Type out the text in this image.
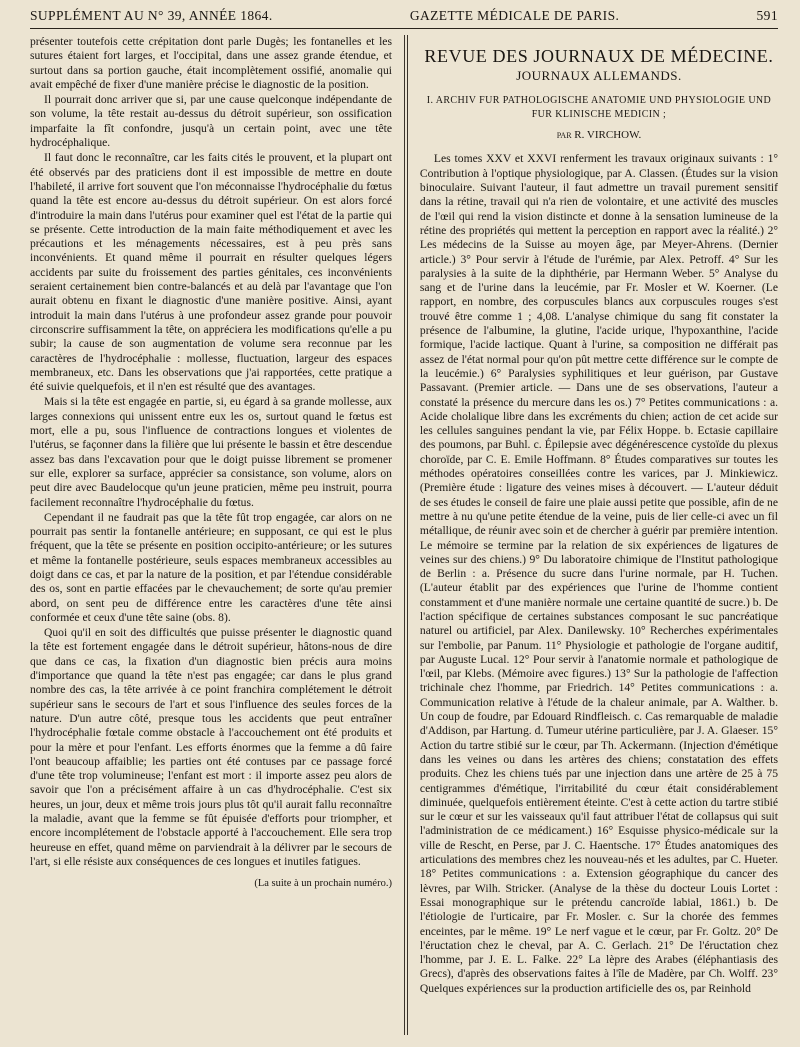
SUPPLÉMENT AU N° 39, ANNÉE 1864.	GAZETTE MÉDICALE DE PARIS.	591

présenter toutefois cette crépitation dont parle Dugès; les fontanelles et les sutures étaient fort larges, et l'occipital, dans une assez grande étendue, et surtout dans sa portion gauche, était incomplètement ossifié, anomalie qui avait empêché de fixer d'une manière précise le diagnostic de la position.

Il pourrait donc arriver que si, par une cause quelconque indépendante de son volume, la tête restait au-dessus du détroit supérieur, son ossification imparfaite la fît confondre, jusqu'à un certain point, avec une tête hydrocéphalique.

Il faut donc le reconnaître, car les faits cités le prouvent, et la plupart ont été observés par des praticiens dont il est impossible de mettre en doute l'habileté, il arrive fort souvent que l'on méconnaisse l'hydrocéphalie du fœtus quand la tête est encore au-dessus du détroit supérieur. On est alors forcé d'introduire la main dans l'utérus pour examiner quel est l'état de la partie qui se présente. Cette introduction de la main faite méthodiquement et avec les précautions et les ménagements nécessaires, est à peu près sans inconvénients. Et quand même il pourrait en résulter quelques légers accidents par suite du froissement des parties génitales, ces inconvénients seraient certainement bien contre-balancés et au delà par l'avantage que l'on aurait obtenu en fixant le diagnostic d'une manière positive. Ainsi, ayant introduit la main dans l'utérus à une profondeur assez grande pour pouvoir circonscrire suffisamment la tête, on apprécierа les modifications qu'elle a pu subir; la cause de son augmentation de volume sera reconnue par les caractères de l'hydrocéphalie : mollesse, fluctuation, largeur des espaces membraneux, etc. Dans les observations que j'ai rapportées, cette pratique a été suivie quelquefois, et il n'en est résulté que des avantages.

Mais si la tête est engagée en partie, si, eu égard à sa grande mollesse, aux larges connexions qui unissent entre eux les os, surtout quand le fœtus est mort, elle a pu, sous l'influence de contractions longues et violentes de l'utérus, se façonner dans la filière que lui présente le bassin et être descendue assez bas dans l'excavation pour que le doigt puisse librement se promener sur elle, explorer sa surface, apprécier sa consistance, son volume, alors on peut dire avec Baudelocque qu'un jeune praticien, même peu instruit, pourra facilement reconnaître l'hydrocéphalie du fœtus.

Cependant il ne faudrait pas que la tête fût trop engagée, car alors on ne pourrait pas sentir la fontanelle antérieure; en supposant, ce qui est le plus fréquent, que la tête se présente en position occipito-antérieure; or les sutures et même la fontanelle postérieure, seuls espaces membraneux accessibles au doigt dans ce cas, et par la nature de la position, et par l'étendue considérable des os, sont en partie effacées par le chevauchement; de sorte qu'au premier abord, on sent peu de différence entre les caractères d'une tête ainsi conformée et ceux d'une tête saine (obs. 8).

Quoi qu'il en soit des difficultés que puisse présenter le diagnostic quand la tête est fortement engagée dans le détroit supérieur, hâtons-nous de dire que dans ce cas, la fixation d'un diagnostic bien précis aura moins d'importance que quand la tête n'est pas engagée; car dans le plus grand nombre des cas, la tête arrivée à ce point franchira complétement le détroit supérieur sans le secours de l'art et sous l'influence des seules forces de la nature. D'un autre côté, presque tous les accidents que peut entraîner l'hydrocéphalie fœtale comme obstacle à l'accouchement ont été produits et pour la mère et pour l'enfant. Les efforts énormes que la femme a dû faire l'ont beaucoup affaiblie; les parties ont été contuses par ce passage forcé d'une tête trop volumineuse; l'enfant est mort : il importe assez peu alors de savoir que l'on a précisément affaire à un cas d'hydrocéphalie. C'est six heures, un jour, deux et même trois jours plus tôt qu'il aurait fallu reconnaître la maladie, avant que la femme se fût épuisée d'efforts pour triompher, et encore incomplétement de l'obstacle apporté à l'accouchement. Elle sera trop heureuse en effet, quand même on parviendrait à la délivrer par le secours de l'art, si elle résiste aux conséquences de ces longues et inutiles fatigues.

(La suite à un prochain numéro.)
REVUE DES JOURNAUX DE MÉDECINE.
JOURNAUX ALLEMANDS.
I. ARCHIV FUR PATHOLOGISCHE ANATOMIE UND PHYSIOLOGIE UND FUR KLINISCHE MEDICIN ;
par R. VIRCHOW.

Les tomes XXV et XXVI renferment les travaux originaux suivants : 1° Contribution à l'optique physiologique, par A. Classen. (Études sur la vision binoculaire. Suivant l'auteur, il faut admettre un travail purement sensitif dans la rétine, travail qui n'a rien de volontaire, et une activité des muscles de l'œil qui rend la vision distincte et donne à la sensation lumineuse de la rétine des propriétés qui mettent la perception en rapport avec la réalité.) 2° Les médecins de la Suisse au moyen âge, par Meyer-Ahrens. (Dernier article.) 3° Pour servir à l'étude de l'urémie, par Alex. Petroff. 4° Sur les paralysies à la suite de la diphthérie, par Hermann Weber. 5° Analyse du sang et de l'urine dans la leucémie, par Fr. Mosler et W. Koerner. (Le rapport, en nombre, des corpuscules blancs aux corpuscules rouges s'est trouvé être comme 1 ; 4,08. L'analyse chimique du sang fit constater la présence de l'albumine, la glutine, l'acide urique, l'hypoxanthine, l'acide formique, l'acide lactique. Quant à l'urine, sa composition ne différait pas assez de l'état normal pour qu'on pût mettre cette différence sur le compte de la leucémie.) 6° Paralysies syphilitiques et leur guérison, par Gustave Passavant. (Premier article. — Dans une de ses observations, l'auteur a constaté la présence du mercure dans les os.) 7° Petites communications : a. Acide cholalique libre dans les excréments du chien; action de cet acide sur les cellules sanguines pendant la vie, par Félix Hoppe. b. Ectasie capillaire des poumons, par Buhl. c. Épilepsie avec dégénérescence cystoïde du plexus choroïde, par C. E. Emile Hoffmann. 8° Études comparatives sur toutes les méthodes opératoires conseillées contre les varices, par J. Minkiewicz. (Première étude : ligature des veines mises à découvert. — L'auteur déduit de ses études le conseil de faire une plaie aussi petite que possible, afin de ne mettre à nu qu'une petite étendue de la veine, puis de lier celle-ci avec un fil métallique, de réunir avec soin et de chercher à guérir par première intention. Le mémoire se termine par la relation de six expériences de ligatures de veines sur des chiens.) 9° Du laboratoire chimique de l'Institut pathologique de Berlin : a. Présence du sucre dans l'urine normale, par H. Tuchen. (L'auteur établit par des expériences que l'urine de l'homme contient constamment et d'une manière normale une certaine quantité de sucre.) b. De l'action spécifique de certaines substances composant le suc pancréatique naturel ou artificiel, par Alex. Danilewsky. 10° Recherches expérimentales sur l'embolie, par Panum. 11° Physiologie et pathologie de l'organe auditif, par Auguste Lucal. 12° Pour servir à l'anatomie normale et pathologique de l'œil, par Klebs. (Mémoire avec figures.) 13° Sur la pathologie de l'affection trichinale chez l'homme, par Friedrich. 14° Petites communications : a. Communication relative à l'étude de la chaleur animale, par A. Walther. b. Un coup de foudre, par Edouard Rindfleisch. c. Cas remarquable de maladie d'Addison, par Hartung. d. Tumeur utérine particulière, par J. A. Glaeser. 15° Action du tartre stibié sur le cœur, par Th. Ackermann. (Injection d'émétique dans les veines ou dans les artères des chiens; constatation des effets produits. Chez les chiens tués par une injection dans une artère de 25 à 75 centigrammes d'émétique, l'irritabilité du cœur était considérablement diminuée, quelquefois entièrement éteinte. C'est à cette action du tartre stibié sur le cœur et sur les vaisseaux qu'il faut attribuer l'état de collapsus qui suit l'administration de ce médicament.) 16° Esquisse physico-médicale sur la ville de Rescht, en Perse, par J. C. Haentsche. 17° Études anatomiques des articulations des membres chez les nouveau-nés et les adultes, par C. Hueter. 18° Petites communications : a. Extension géographique du cancer des lèvres, par Wilh. Stricker. (Analyse de la thèse du docteur Louis Lortet : Essai monographique sur le prétendu cancroïde labial, 1861.) b. De l'étiologie de l'urticaire, par Fr. Mosler. c. Sur la chorée des femmes enceintes, par le même. 19° Le nerf vague et le cœur, par Fr. Goltz. 20° De l'éructation chez le cheval, par A. C. Gerlach. 21° De l'éructation chez l'homme, par J. E. L. Falke. 22° La lèpre des Arabes (éléphantiasis des Grecs), d'après des observations faites à l'île de Madère, par Ch. Wolff. 23° Quelques expériences sur la production artificielle des os, par Reinhold
